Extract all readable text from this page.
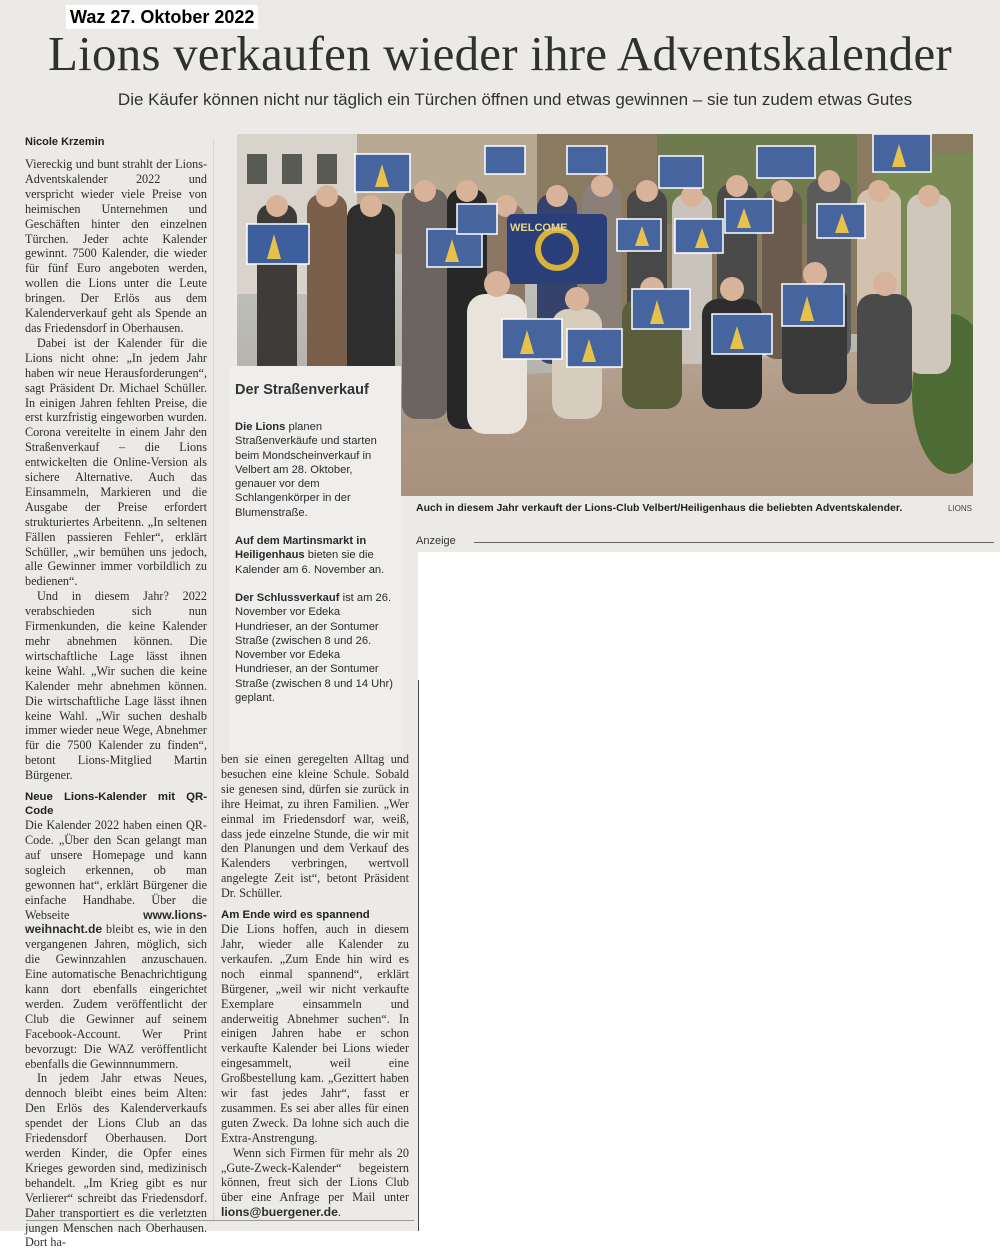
Waz 27. Oktober 2022
Lions verkaufen wieder ihre Adventskalender
Die Käufer können nicht nur täglich ein Türchen öffnen und etwas gewinnen – sie tun zudem etwas Gutes
Nicole Krzemin

Viereckig und bunt strahlt der Lions-Adventskalender 2022 und verspricht wieder viele Preise von heimischen Unternehmen und Geschäften hinter den einzelnen Türchen. Jeder achte Kalender gewinnt. 7500 Kalender, die wieder für fünf Euro angeboten werden, wollen die Lions unter die Leute bringen. Der Erlös aus dem Kalenderverkauf geht als Spende an das Friedensdorf in Oberhausen.

Dabei ist der Kalender für die Lions nicht ohne: „In jedem Jahr haben wir neue Herausforderungen“, sagt Präsident Dr. Michael Schüller. In einigen Jahren fehlten Preise, die erst kurzfristig eingeworben wurden. Corona vereitelte in einem Jahr den Straßenverkauf – die Lions entwickelten die Online-Version als sichere Alternative. Auch das Einsammeln, Markieren und die Ausgabe der Preise erfordert strukturiertes Arbeitenn. „In seltenen Fällen passieren Fehler“, erklärt Schüller, „wir bemühen uns jedoch, alle Gewinner immer vorbildlich zu bedienen“.

Und in diesem Jahr? 2022 verabschieden sich nun Firmenkunden, die keine Kalender mehr abnehmen können. Die wirtschaftliche Lage lässt ihnen keine Wahl. „Wir suchen die keine Kalender mehr abnehmen können. Die wirtschaftliche Lage lässt ihnen keine Wahl. „Wir suchen deshalb immer wieder neue Wege, Abnehmer für die 7500 Kalender zu finden“, betont Lions-Mitglied Martin Bürgener.

Neue Lions-Kalender mit QR-Code

Die Kalender 2022 haben einen QR-Code. „Über den Scan gelangt man auf unsere Homepage und kann sogleich erkennen, ob man gewonnen hat“, erklärt Bürgener die einfache Handhabe. Über die Webseite	www.lions-weihnacht.de bleibt es, wie in den vergangenen Jahren, möglich, sich die Gewinnzahlen anzuschauen. Eine automatische Benachrichtigung kann dort ebenfalls eingerichtet werden. Zudem veröffentlicht der Club die Gewinner auf seinem Facebook-Account. Wer Print bevorzugt: Die WAZ veröffentlicht ebenfalls die Gewinnnummern.

In jedem Jahr etwas Neues, dennoch bleibt eines beim Alten: Den Erlös des Kalenderverkaufs spendet der Lions Club an das Friedensdorf Oberhausen. Dort werden Kinder, die Opfer eines Krieges geworden sind, medizinisch behandelt. „Im Krieg gibt es nur Verlierer“ schreibt das Friedensdorf. Daher transportiert es die verletzten jungen Menschen nach Oberhausen. Dort ha-

WELCOME
Auch in diesem Jahr verkauft der Lions-Club Velbert/Heiligenhaus die beliebten Adventskalender.	LIONS
Anzeige
Der Straßenverkauf

Die Lions planen Straßenverkäufe und starten beim Mondscheinverkauf in Velbert am 28. Oktober, genauer vor dem Schlangenkörper in der Blumenstraße.

Auf dem Martinsmarkt in Heiligenhaus bieten sie die Kalender am 6. November an.

Der Schlussverkauf ist am 26. November vor Edeka Hundrieser, an der Sontumer Straße (zwischen 8 und 26. November vor Edeka Hundrieser, an der Sontumer Straße (zwischen 8 und 14 Uhr) geplant.

ben sie einen geregelten Alltag und besuchen eine kleine Schule. Sobald sie genesen sind, dürfen sie zurück in ihre Heimat, zu ihren Familien. „Wer einmal im Friedensdorf war, weiß, dass jede einzelne Stunde, die wir mit den Planungen und dem Verkauf des Kalenders verbringen, wertvoll angelegte Zeit ist“, betont Präsident Dr. Schüller.

Am Ende wird es spannend

Die Lions hoffen, auch in diesem Jahr, wieder alle Kalender zu verkaufen. „Zum Ende hin wird es noch einmal spannend“, erklärt Bürgener, „weil wir nicht verkaufte Exemplare einsammeln und anderweitig Abnehmer suchen“. In einigen Jahren habe er schon verkaufte Kalender bei Lions wieder eingesammelt, weil eine Großbestellung kam. „Gezittert haben wir fast jedes Jahr“, fasst er zusammen. Es sei aber alles für einen guten Zweck. Da lohne sich auch die Extra-Anstrengung.

Wenn sich Firmen für mehr als 20 „Gute-Zweck-Kalender“ begeistern können, freut sich der Lions Club über eine Anfrage per Mail unter lions@buergener.de.
